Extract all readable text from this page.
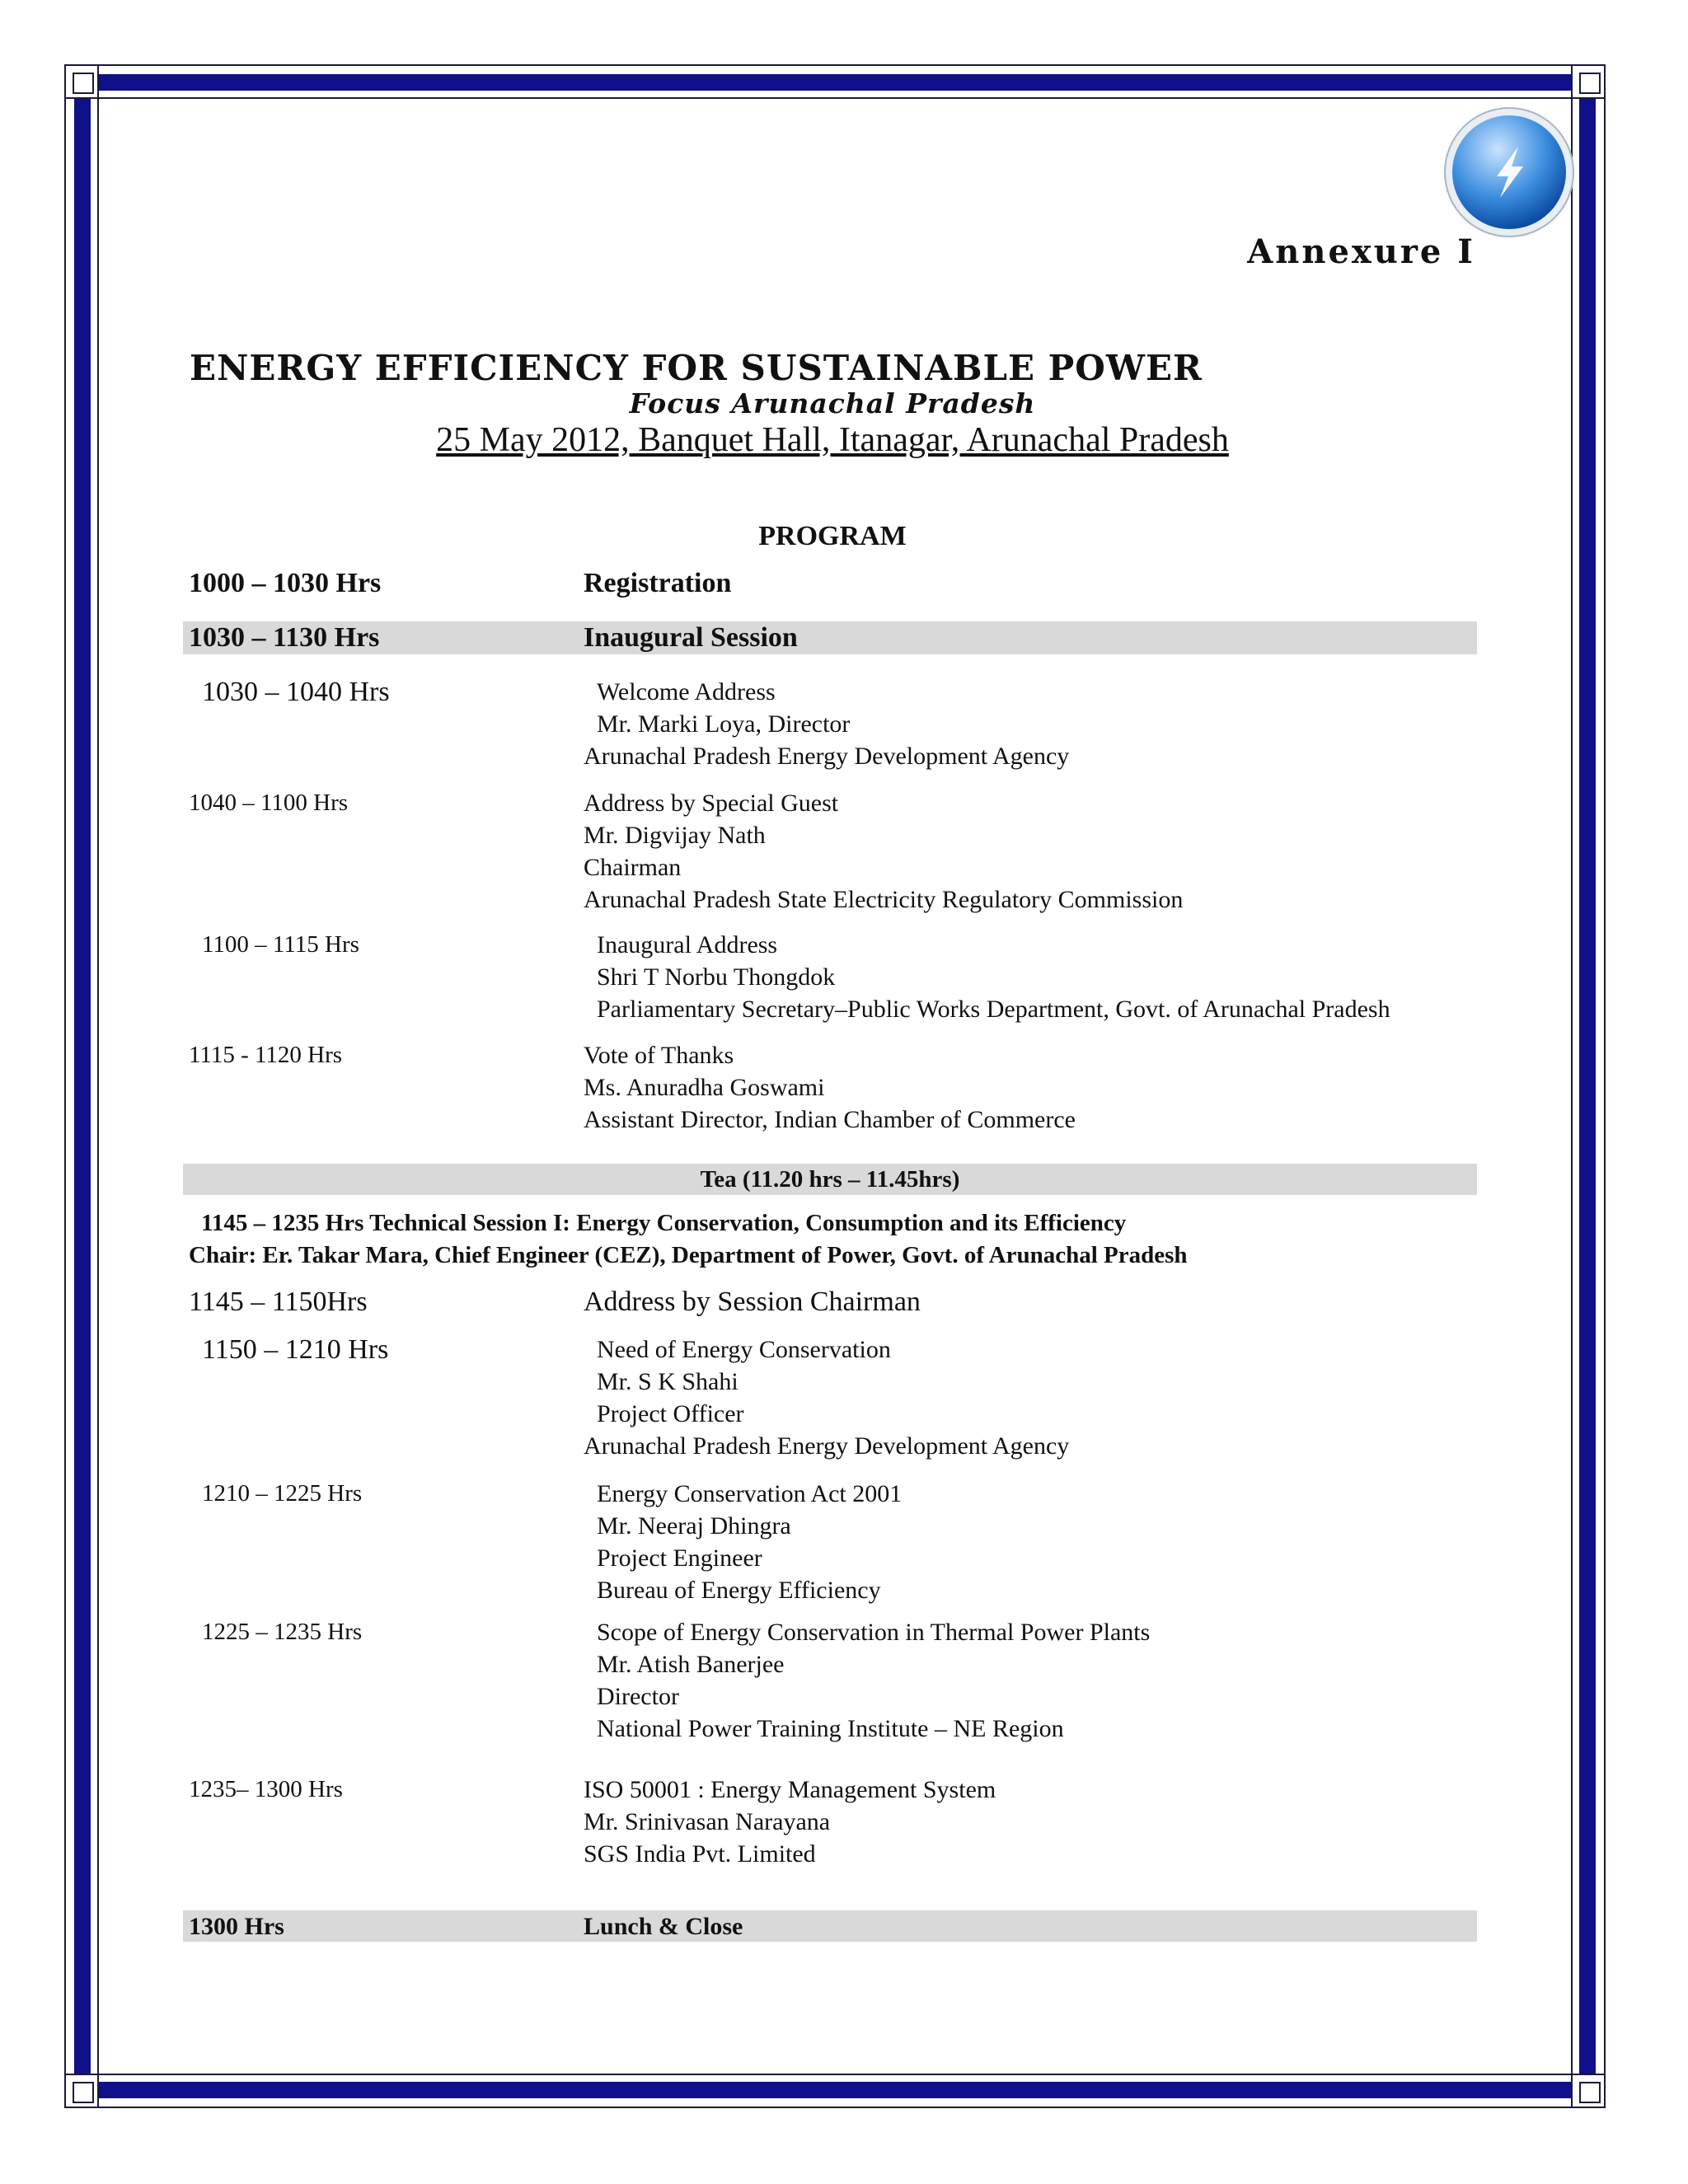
Annexure I
ENERGY EFFICIENCY FOR SUSTAINABLE POWER
Focus Arunachal Pradesh
25 May 2012, Banquet Hall, Itanagar, Arunachal Pradesh
PROGRAM
1000 – 1030 Hrs	Registration
1030 – 1130 Hrs	Inaugural Session
1030 – 1040 Hrs	Welcome Address
Mr. Marki Loya, Director
Arunachal Pradesh Energy Development Agency
1040 – 1100 Hrs	Address by Special Guest
Mr. Digvijay Nath
Chairman
Arunachal Pradesh State Electricity Regulatory Commission
1100 – 1115 Hrs	Inaugural Address
Shri T Norbu Thongdok
Parliamentary Secretary–Public Works Department, Govt. of Arunachal Pradesh
1115 - 1120 Hrs	Vote of Thanks
Ms. Anuradha Goswami
Assistant Director, Indian Chamber of Commerce
Tea (11.20 hrs – 11.45hrs)
1145 – 1235 Hrs Technical Session I: Energy Conservation, Consumption and its Efficiency
Chair: Er. Takar Mara, Chief Engineer (CEZ), Department of Power, Govt. of Arunachal Pradesh
1145 – 1150Hrs	Address by Session Chairman
1150 – 1210 Hrs	Need of Energy Conservation
Mr. S K Shahi
Project Officer
Arunachal Pradesh Energy Development Agency
1210 – 1225 Hrs	Energy Conservation Act 2001
Mr. Neeraj Dhingra
Project Engineer
Bureau of Energy Efficiency
1225 – 1235 Hrs	Scope of Energy Conservation in Thermal Power Plants
Mr. Atish Banerjee
Director
National Power Training Institute – NE Region
1235– 1300 Hrs	ISO 50001 : Energy Management System
Mr. Srinivasan Narayana
SGS India Pvt. Limited
1300 Hrs	Lunch & Close
